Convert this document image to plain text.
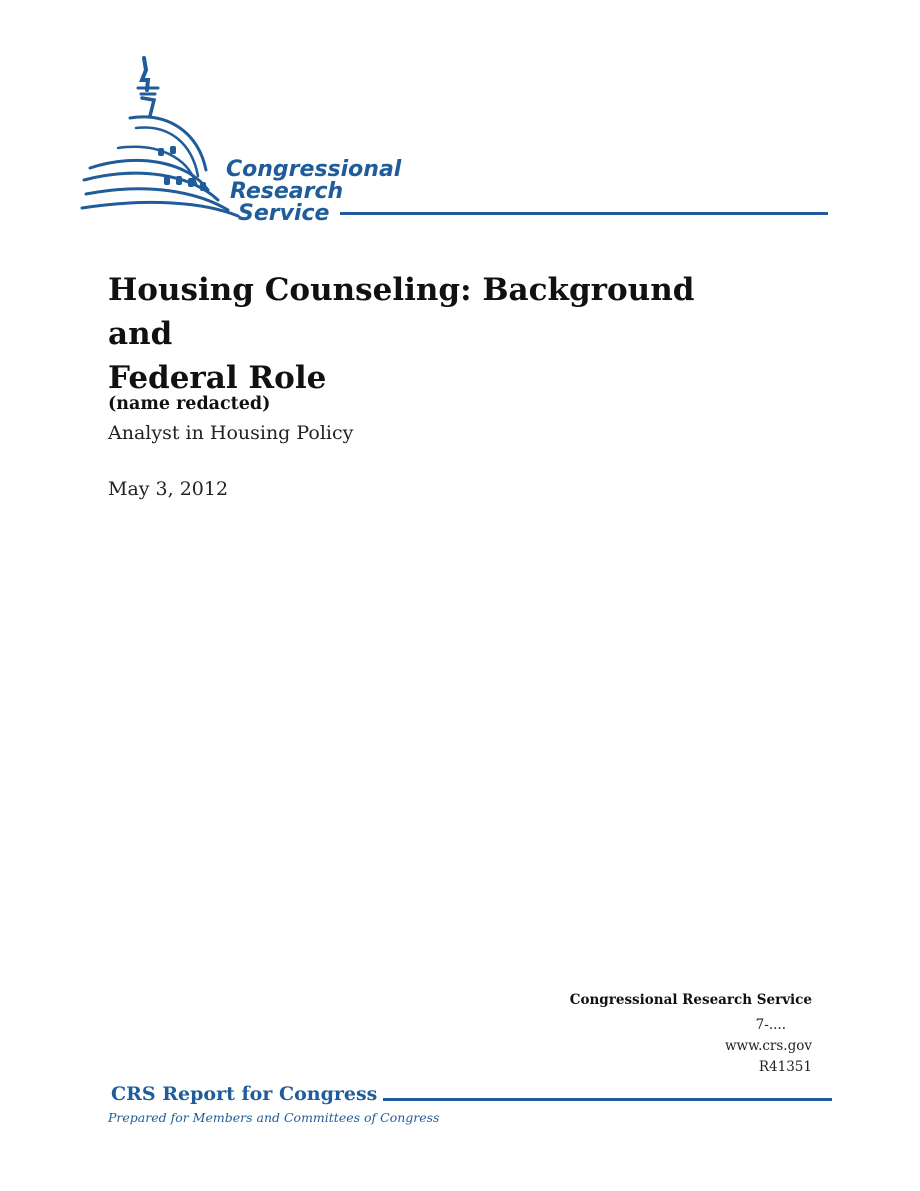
Congressional
Research
Service
Housing Counseling: Background and
Federal Role
(name redacted)
Analyst in Housing Policy
May 3, 2012
Congressional Research Service
7-....
www.crs.gov
R41351
CRS Report for Congress
Prepared for Members and Committees of Congress
